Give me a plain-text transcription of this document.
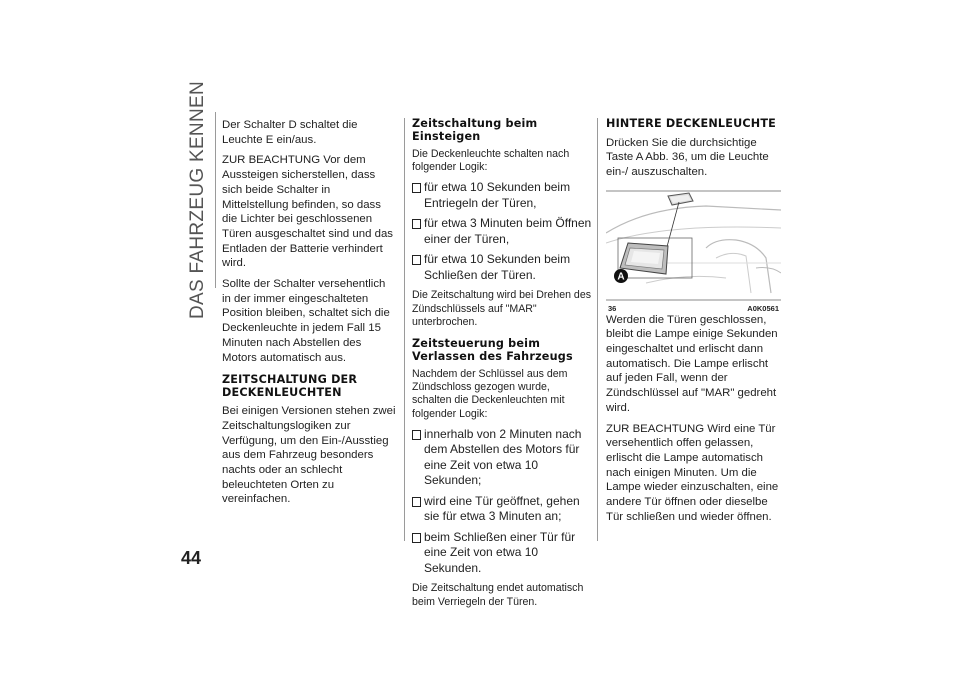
DAS FAHRZEUG KENNEN
44

Der Schalter D schaltet die Leuchte E ein/aus.

ZUR BEACHTUNG Vor dem Aussteigen sicherstellen, dass sich beide Schalter in Mittelstellung befinden, so dass die Lichter bei geschlossenen Türen ausgeschaltet sind und das Entladen der Batterie verhindert wird.

Sollte der Schalter versehentlich in der immer eingeschalteten Position bleiben, schaltet sich die Deckenleuchte in jedem Fall 15 Minuten nach Abstellen des Motors automatisch aus.

ZEITSCHALTUNG DER DECKENLEUCHTEN

Bei einigen Versionen stehen zwei Zeitschaltungslogiken zur Verfügung, um den Ein-/Ausstieg aus dem Fahrzeug besonders nachts oder an schlecht beleuchteten Orten zu vereinfachen.

Zeitschaltung beim Einsteigen

Die Deckenleuchte schalten nach folgender Logik:

für etwa 10 Sekunden beim Entriegeln der Türen,
für etwa 3 Minuten beim Öffnen einer der Türen,
für etwa 10 Sekunden beim Schließen der Türen.

Die Zeitschaltung wird bei Drehen des Zündschlüssels auf "MAR" unterbrochen.

Zeitsteuerung beim Verlassen des Fahrzeugs

Nachdem der Schlüssel aus dem Zündschloss gezogen wurde, schalten die Deckenleuchten mit folgender Logik:

innerhalb von 2 Minuten nach dem Abstellen des Motors für eine Zeit von etwa 10 Sekunden;
wird eine Tür geöffnet, gehen sie für etwa 3 Minuten an;
beim Schließen einer Tür für eine Zeit von etwa 10 Sekunden.

Die Zeitschaltung endet automatisch beim Verriegeln der Türen.

HINTERE DECKENLEUCHTE

Drücken Sie die durchsichtige Taste A Abb. 36, um die Leuchte ein-/ auszuschalten.

A
36	A0K0561

Werden die Türen geschlossen, bleibt die Lampe einige Sekunden eingeschaltet und erlischt dann automatisch. Die Lampe erlischt auf jeden Fall, wenn der Zündschlüssel auf "MAR" gedreht wird.

ZUR BEACHTUNG Wird eine Tür versehentlich offen gelassen, erlischt die Lampe automatisch nach einigen Minuten. Um die Lampe wieder einzuschalten, eine andere Tür öffnen oder dieselbe Tür schließen und wieder öffnen.
